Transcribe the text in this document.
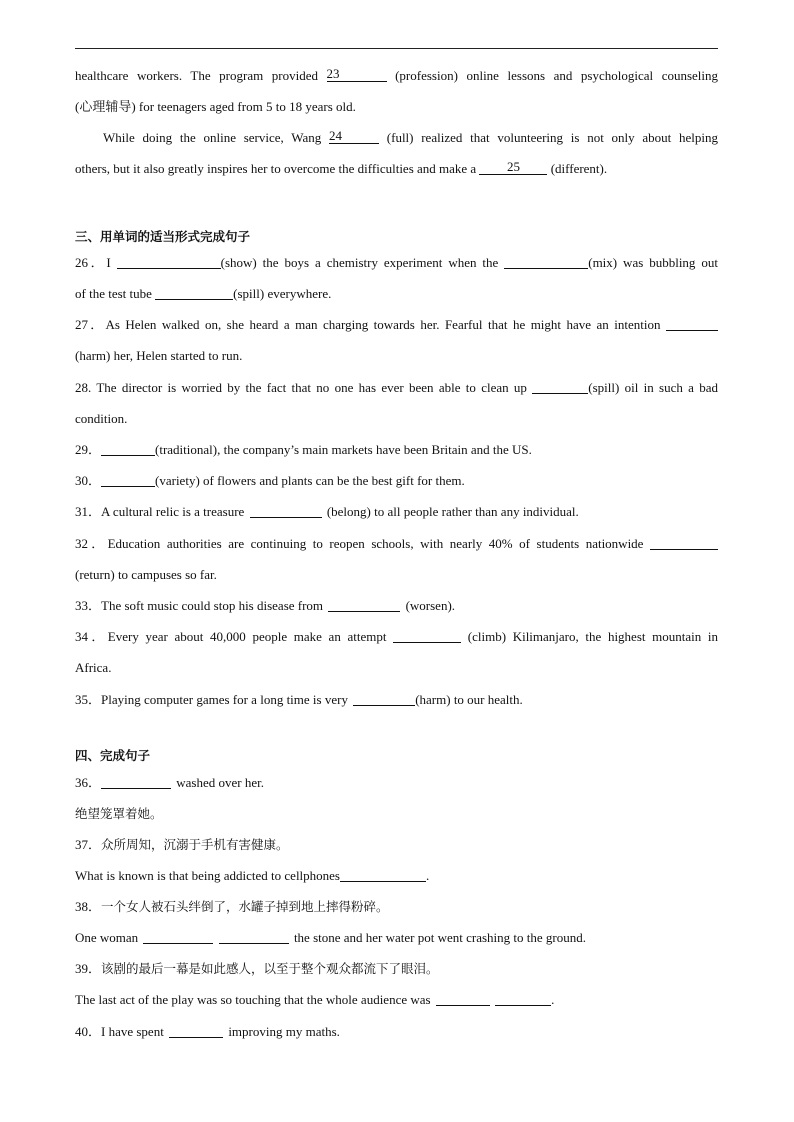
healthcare workers. The program provided 23	(profession) online lessons and psychological counseling
(心理辅导) for teenagers aged from 5 to 18 years old.
While doing the online service, Wang 24	(full) realized that volunteering is not only about helping
others, but it also greatly inspires her to overcome the difficulties and make a	25	(different).
三、用单词的适当形式完成句子
26．I	(show) the boys a chemistry experiment when the	(mix) was bubbling out
of the test tube	(spill) everywhere.
27．As Helen walked on, she heard a man charging towards her. Fearful that he might have an intention
(harm) her, Helen started to run.
28. The director is worried by the fact that no one has ever been able to clean up	(spill) oil in such a bad
condition.
29．	(traditional), the company’s main markets have been Britain and the US.
30．	(variety) of flowers and plants can be the best gift for them.
31．A cultural relic is a treasure	(belong) to all people rather than any individual.
32．Education authorities are continuing to reopen schools, with nearly 40% of students nationwide
(return) to campuses so far.
33．The soft music could stop his disease from	(worsen).
34．Every year about 40,000 people make an attempt	(climb) Kilimanjaro, the highest mountain in
Africa.
35．Playing computer games for a long time is very	(harm) to our health.
四、完成句子
36．	washed over her.
绝望笼罩着她。
37．众所周知，沉溺于手机有害健康。
What is known is that being addicted to cellphones	.
38．一个女人被石头绊倒了，水罐子掉到地上摔得粉碎。
One woman	the stone and her water pot went crashing to the ground.
39．该剧的最后一幕是如此感人，以至于整个观众都流下了眼泪。
The last act of the play was so touching that the whole audience was	.
40．I have spent	improving my maths.
